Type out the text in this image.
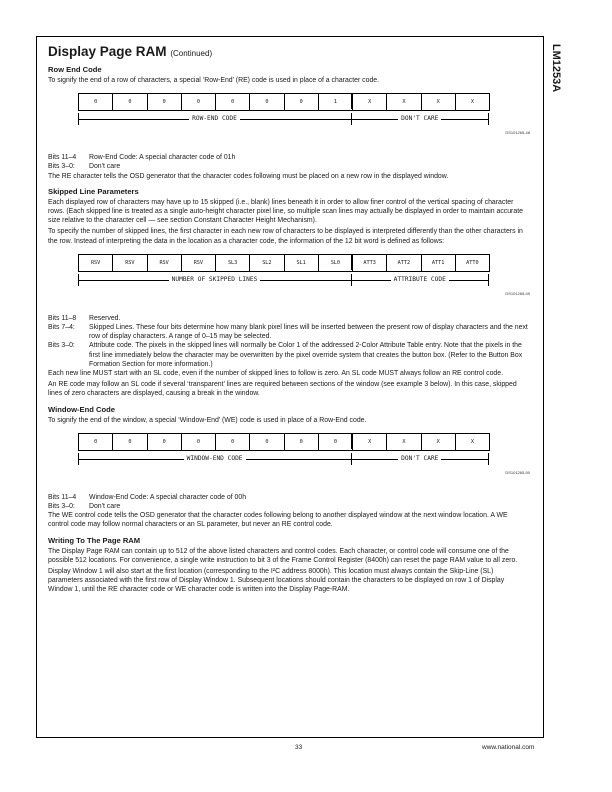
LM1253A
Display Page RAM (Continued)
Row End Code

To signify the end of a row of characters, a special ‘Row-End’ (RE) code is used in place of a character code.

0	0	0	0	0	0	0	1	X	X	X	X
ROW-END CODE	DON'T CARE
DS101265-48
Bits 11–4	Row-End Code: A special character code of 01h
Bits 3–0:	Don't care

The RE character tells the OSD generator that the character codes following must be placed on a new row in the displayed window.

Skipped Line Parameters

Each displayed row of characters may have up to 15 skipped (i.e., blank) lines beneath it in order to allow finer control of the vertical spacing of character rows. (Each skipped line is treated as a single auto-height character pixel line, so multiple scan lines may actually be displayed in order to maintain accurate size relative to the character cell — see section Constant Character Height Mechanism).

To specify the number of skipped lines, the first character in each new row of characters to be displayed is interpreted differently than the other characters in the row. Instead of interpreting the data in the location as a character code, the information of the 12 bit word is defined as follows:

RSV	RSV	RSV	RSV	SL3	SL2	SL1	SL0	ATT3	ATT2	ATT1	ATT0
NUMBER OF SKIPPED LINES	ATTRIBUTE CODE
DS101265-49
Bits 11–8	Reserved.
Bits 7–4:	Skipped Lines. These four bits determine how many blank pixel lines will be inserted between the present row of display characters and the next row of display characters. A range of 0–15 may be selected.
Bits 3–0:	Attribute code. The pixels in the skipped lines will normally be Color 1 of the addressed 2-Color Attribute Table entry. Note that the pixels in the first line immediately below the character may be overwritten by the pixel override system that creates the button box. (Refer to the Button Box Formation Section for more information.)

Each new line MUST start with an SL code, even if the number of skipped lines to follow is zero. An SL code MUST always follow an RE control code.

An RE code may follow an SL code if several ‘transparent’ lines are required between sections of the window (see example 3 below). In this case, skipped lines of zero characters are displayed, causing a break in the window.

Window-End Code

To signify the end of the window, a special ‘Window-End’ (WE) code is used in place of a Row-End code.

0	0	0	0	0	0	0	0	X	X	X	X
WINDOW-END CODE	DON'T CARE
DS101265-50
Bits 11–4	Window-End Code: A special character code of 00h
Bits 3–0:	Don't care

The WE control code tells the OSD generator that the character codes following belong to another displayed window at the next window location. A WE control code may follow normal characters or an SL parameter, but never an RE control code.

Writing To The Page RAM

The Display Page RAM can contain up to 512 of the above listed characters and control codes. Each character, or control code will consume one of the possible 512 locations. For convenience, a single write instruction to bit 3 of the Frame Control Register (8400h) can reset the page RAM value to all zero.

Display Window 1 will also start at the first location (corresponding to the I²C address 8000h). This location must always contain the Skip-Line (SL) parameters associated with the first row of Display Window 1. Subsequent locations should contain the characters to be displayed on row 1 of Display Window 1, until the RE character code or WE character code is written into the Display Page-RAM.

33	www.national.com
